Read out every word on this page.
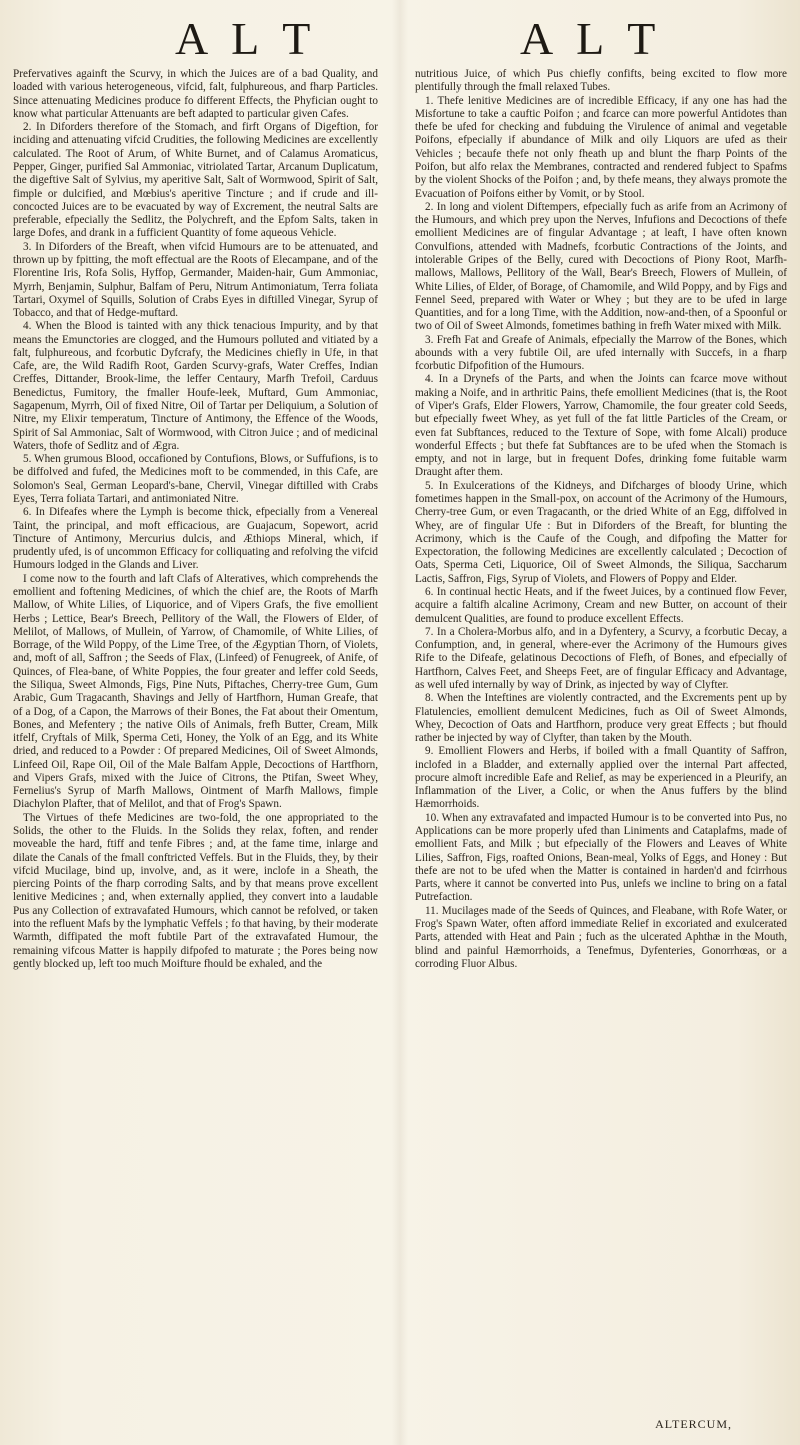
A L T	A L T

Prefervatives againft the Scurvy, in which the Juices are of a bad Quality, and loaded with various heterogeneous, vifcid, falt, fulphureous, and fharp Particles. Since attenuating Medicines produce fo different Effects, the Phyfician ought to know what particular Attenuants are beft adapted to particular given Cafes.

2. In Diforders therefore of the Stomach, and firft Organs of Digeftion, for inciding and attenuating vifcid Crudities, the following Medicines are excellently calculated. The Root of Arum, of White Burnet, and of Calamus Aromaticus, Pepper, Ginger, purified Sal Ammoniac, vitriolated Tartar, Arcanum Duplicatum, the digeftive Salt of Sylvius, my aperitive Salt, Salt of Wormwood, Spirit of Salt, fimple or dulcified, and Mœbius's aperitive Tincture ; and if crude and ill-concocted Juices are to be evacuated by way of Excrement, the neutral Salts are preferable, efpecially the Sedlitz, the Polychreft, and the Epfom Salts, taken in large Dofes, and drank in a fufficient Quantity of fome aqueous Vehicle.

3. In Diforders of the Breaft, when vifcid Humours are to be attenuated, and thrown up by fpitting, the moft effectual are the Roots of Elecampane, and of the Florentine Iris, Rofa Solis, Hyffop, Germander, Maiden-hair, Gum Ammoniac, Myrrh, Benjamin, Sulphur, Balfam of Peru, Nitrum Antimoniatum, Terra foliata Tartari, Oxymel of Squills, Solution of Crabs Eyes in diftilled Vinegar, Syrup of Tobacco, and that of Hedge-muftard.

4. When the Blood is tainted with any thick tenacious Impurity, and by that means the Emunctories are clogged, and the Humours polluted and vitiated by a falt, fulphureous, and fcorbutic Dyfcrafy, the Medicines chiefly in Ufe, in that Cafe, are, the Wild Radifh Root, Garden Scurvy-grafs, Water Creffes, Indian Creffes, Dittander, Brook-lime, the leffer Centaury, Marfh Trefoil, Carduus Benedictus, Fumitory, the fmaller Houfe-leek, Muftard, Gum Ammoniac, Sagapenum, Myrrh, Oil of fixed Nitre, Oil of Tartar per Deliquium, a Solution of Nitre, my Elixir temperatum, Tincture of Antimony, the Effence of the Woods, Spirit of Sal Ammoniac, Salt of Wormwood, with Citron Juice ; and of medicinal Waters, thofe of Sedlitz and of Ægra.

5. When grumous Blood, occafioned by Contufions, Blows, or Suffufions, is to be diffolved and fufed, the Medicines moft to be commended, in this Cafe, are Solomon's Seal, German Leopard's-bane, Chervil, Vinegar diftilled with Crabs Eyes, Terra foliata Tartari, and antimoniated Nitre.

6. In Difeafes where the Lymph is become thick, efpecially from a Venereal Taint, the principal, and moft efficacious, are Guajacum, Sopewort, acrid Tincture of Antimony, Mercurius dulcis, and Æthiops Mineral, which, if prudently ufed, is of uncommon Efficacy for colliquating and refolving the vifcid Humours lodged in the Glands and Liver.

I come now to the fourth and laft Clafs of Alteratives, which comprehends the emollient and foftening Medicines, of which the chief are, the Roots of Marfh Mallow, of White Lilies, of Liquorice, and of Vipers Grafs, the five emollient Herbs ; Lettice, Bear's Breech, Pellitory of the Wall, the Flowers of Elder, of Melilot, of Mallows, of Mullein, of Yarrow, of Chamomile, of White Lilies, of Borrage, of the Wild Poppy, of the Lime Tree, of the Ægyptian Thorn, of Violets, and, moft of all, Saffron ; the Seeds of Flax, (Linfeed) of Fenugreek, of Anife, of Quinces, of Flea-bane, of White Poppies, the four greater and leffer cold Seeds, the Siliqua, Sweet Almonds, Figs, Pine Nuts, Piftaches, Cherry-tree Gum, Gum Arabic, Gum Tragacanth, Shavings and Jelly of Hartfhorn, Human Greafe, that of a Dog, of a Capon, the Marrows of their Bones, the Fat about their Omentum, Bones, and Mefentery ; the native Oils of Animals, frefh Butter, Cream, Milk itfelf, Cryftals of Milk, Sperma Ceti, Honey, the Yolk of an Egg, and its White dried, and reduced to a Powder : Of prepared Medicines, Oil of Sweet Almonds, Linfeed Oil, Rape Oil, Oil of the Male Balfam Apple, Decoctions of Hartfhorn, and Vipers Grafs, mixed with the Juice of Citrons, the Ptifan, Sweet Whey, Fernelius's Syrup of Marfh Mallows, Ointment of Marfh Mallows, fimple Diachylon Plafter, that of Melilot, and that of Frog's Spawn.

The Virtues of thefe Medicines are two-fold, the one appropriated to the Solids, the other to the Fluids. In the Solids they relax, foften, and render moveable the hard, ftiff and tenfe Fibres ; and, at the fame time, inlarge and dilate the Canals of the fmall conftricted Veffels. But in the Fluids, they, by their vifcid Mucilage, bind up, involve, and, as it were, inclofe in a Sheath, the piercing Points of the fharp corroding Salts, and by that means prove excellent lenitive Medicines ; and, when externally applied, they convert into a laudable Pus any Collection of extravafated Humours, which cannot be refolved, or taken into the refluent Mafs by the lymphatic Veffels ; fo that having, by their moderate Warmth, diffipated the moft fubtile Part of the extravafated Humour, the remaining vifcous Matter is happily difpofed to maturate ; the Pores being now gently blocked up, left too much Moifture fhould be exhaled, and the

nutritious Juice, of which Pus chiefly confifts, being excited to flow more plentifully through the fmall relaxed Tubes.

1. Thefe lenitive Medicines are of incredible Efficacy, if any one has had the Misfortune to take a cauftic Poifon ; and fcarce can more powerful Antidotes than thefe be ufed for checking and fubduing the Virulence of animal and vegetable Poifons, efpecially if abundance of Milk and oily Liquors are ufed as their Vehicles ; becaufe thefe not only fheath up and blunt the fharp Points of the Poifon, but alfo relax the Membranes, contracted and rendered fubject to Spafms by the violent Shocks of the Poifon ; and, by thefe means, they always promote the Evacuation of Poifons either by Vomit, or by Stool.

2. In long and violent Diftempers, efpecially fuch as arife from an Acrimony of the Humours, and which prey upon the Nerves, Infufions and Decoctions of thefe emollient Medicines are of fingular Advantage ; at leaft, I have often known Convulfions, attended with Madnefs, fcorbutic Contractions of the Joints, and intolerable Gripes of the Belly, cured with Decoctions of Piony Root, Marfh-mallows, Mallows, Pellitory of the Wall, Bear's Breech, Flowers of Mullein, of White Lilies, of Elder, of Borage, of Chamomile, and Wild Poppy, and by Figs and Fennel Seed, prepared with Water or Whey ; but they are to be ufed in large Quantities, and for a long Time, with the Addition, now-and-then, of a Spoonful or two of Oil of Sweet Almonds, fometimes bathing in frefh Water mixed with Milk.

3. Frefh Fat and Greafe of Animals, efpecially the Marrow of the Bones, which abounds with a very fubtile Oil, are ufed internally with Succefs, in a fharp fcorbutic Difpofition of the Humours.

4. In a Drynefs of the Parts, and when the Joints can fcarce move without making a Noife, and in arthritic Pains, thefe emollient Medicines (that is, the Root of Viper's Grafs, Elder Flowers, Yarrow, Chamomile, the four greater cold Seeds, but efpecially fweet Whey, as yet full of the fat little Particles of the Cream, or even fat Subftances, reduced to the Texture of Sope, with fome Alcali) produce wonderful Effects ; but thefe fat Subftances are to be ufed when the Stomach is empty, and not in large, but in frequent Dofes, drinking fome fuitable warm Draught after them.

5. In Exulcerations of the Kidneys, and Difcharges of bloody Urine, which fometimes happen in the Small-pox, on account of the Acrimony of the Humours, Cherry-tree Gum, or even Tragacanth, or the dried White of an Egg, diffolved in Whey, are of fingular Ufe : But in Diforders of the Breaft, for blunting the Acrimony, which is the Caufe of the Cough, and difpofing the Matter for Expectoration, the following Medicines are excellently calculated ; Decoction of Oats, Sperma Ceti, Liquorice, Oil of Sweet Almonds, the Siliqua, Saccharum Lactis, Saffron, Figs, Syrup of Violets, and Flowers of Poppy and Elder.

6. In continual hectic Heats, and if the fweet Juices, by a continued flow Fever, acquire a faltifh alcaline Acrimony, Cream and new Butter, on account of their demulcent Qualities, are found to produce excellent Effects.

7. In a Cholera-Morbus alfo, and in a Dyfentery, a Scurvy, a fcorbutic Decay, a Confumption, and, in general, where-ever the Acrimony of the Humours gives Rife to the Difeafe, gelatinous Decoctions of Flefh, of Bones, and efpecially of Hartfhorn, Calves Feet, and Sheeps Feet, are of fingular Efficacy and Advantage, as well ufed internally by way of Drink, as injected by way of Clyfter.

8. When the Inteftines are violently contracted, and the Excrements pent up by Flatulencies, emollient demulcent Medicines, fuch as Oil of Sweet Almonds, Whey, Decoction of Oats and Hartfhorn, produce very great Effects ; but fhould rather be injected by way of Clyfter, than taken by the Mouth.

9. Emollient Flowers and Herbs, if boiled with a fmall Quantity of Saffron, inclofed in a Bladder, and externally applied over the internal Part affected, procure almoft incredible Eafe and Relief, as may be experienced in a Pleurify, an Inflammation of the Liver, a Colic, or when the Anus fuffers by the blind Hæmorrhoids.

10. When any extravafated and impacted Humour is to be converted into Pus, no Applications can be more properly ufed than Liniments and Cataplafms, made of emollient Fats, and Milk ; but efpecially of the Flowers and Leaves of White Lilies, Saffron, Figs, roafted Onions, Bean-meal, Yolks of Eggs, and Honey : But thefe are not to be ufed when the Matter is contained in harden'd and fcirrhous Parts, where it cannot be converted into Pus, unlefs we incline to bring on a fatal Putrefaction.

11. Mucilages made of the Seeds of Quinces, and Fleabane, with Rofe Water, or Frog's Spawn Water, often afford immediate Relief in excoriated and exulcerated Parts, attended with Heat and Pain ; fuch as the ulcerated Aphthæ in the Mouth, blind and painful Hæmorrhoids, a Tenefmus, Dyfenteries, Gonorrhœas, or a corroding Fluor Albus.

ALTERCUM,
